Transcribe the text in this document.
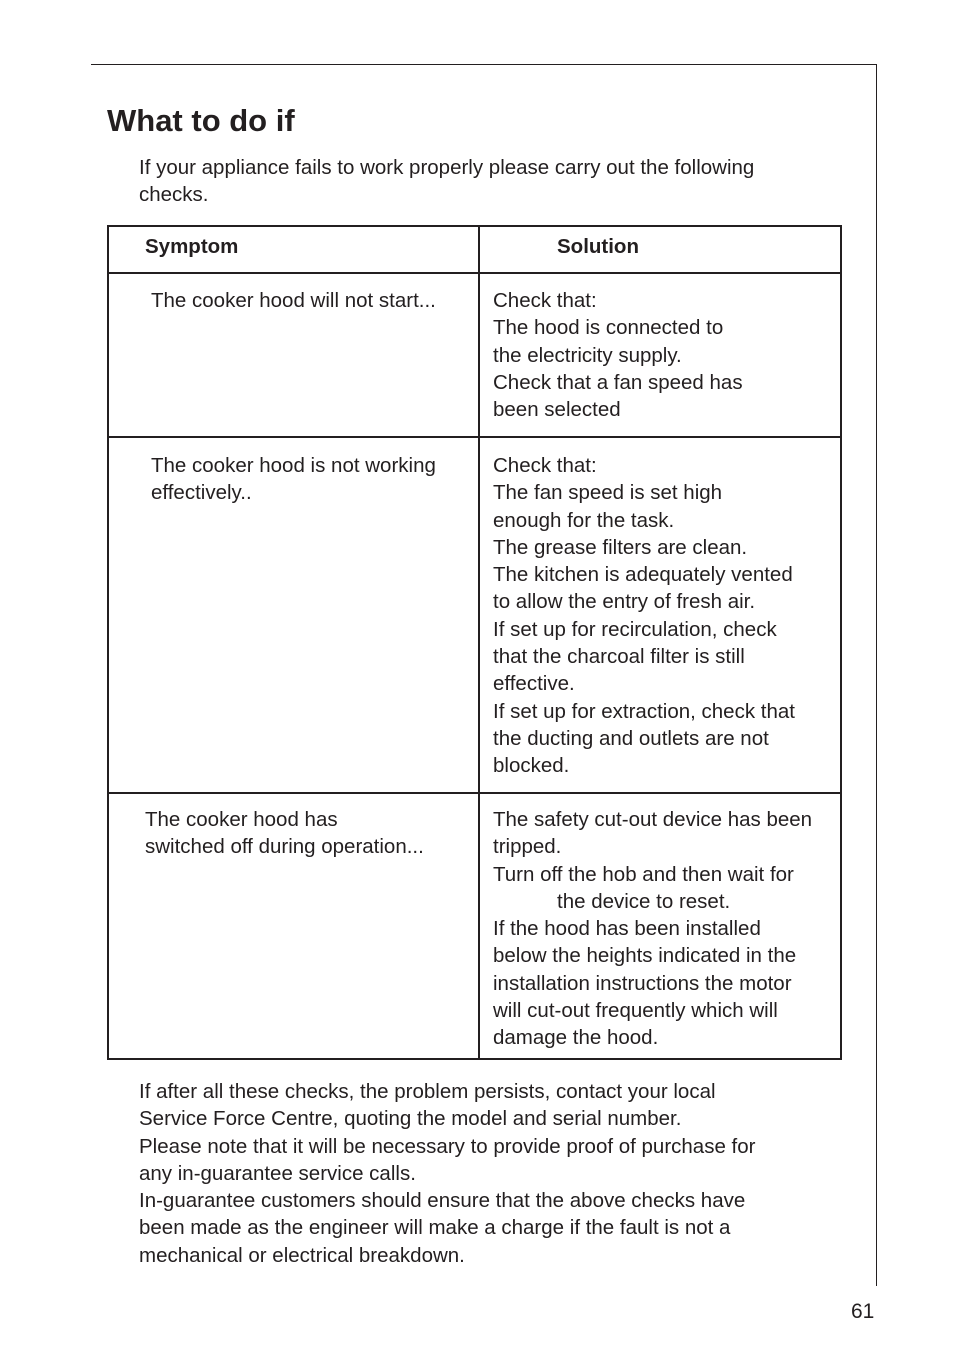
What to do if
If your appliance fails to work properly please carry out the following
checks.
Symptom	Solution
The cooker hood will not start...	Check that:
The hood is connected to
the electricity supply.
Check that a fan speed has
been selected
The cooker hood is not working
effectively..
Check that:
The fan speed is set high
enough for the task.
The grease filters are clean.
The kitchen is adequately vented
to allow the entry of fresh air.
If set up for recirculation, check
that the charcoal filter is still
effective.
If set up for extraction, check that
the ducting and outlets are not
blocked.
The cooker hood has
switched off during operation...
The safety cut-out device has been
tripped.
Turn off the hob and then wait for
the device to reset.
If the hood has been installed
below the heights indicated in the
installation instructions the motor
will cut-out frequently which will
damage the hood.
If after all these checks, the problem persists, contact your local
Service Force Centre, quoting the model and serial number.
Please note that it will be necessary to provide proof of purchase for
any in-guarantee service calls.
In-guarantee customers should ensure that the above checks have
been made as the engineer will make a charge if the fault is not a
mechanical or electrical breakdown.
61
